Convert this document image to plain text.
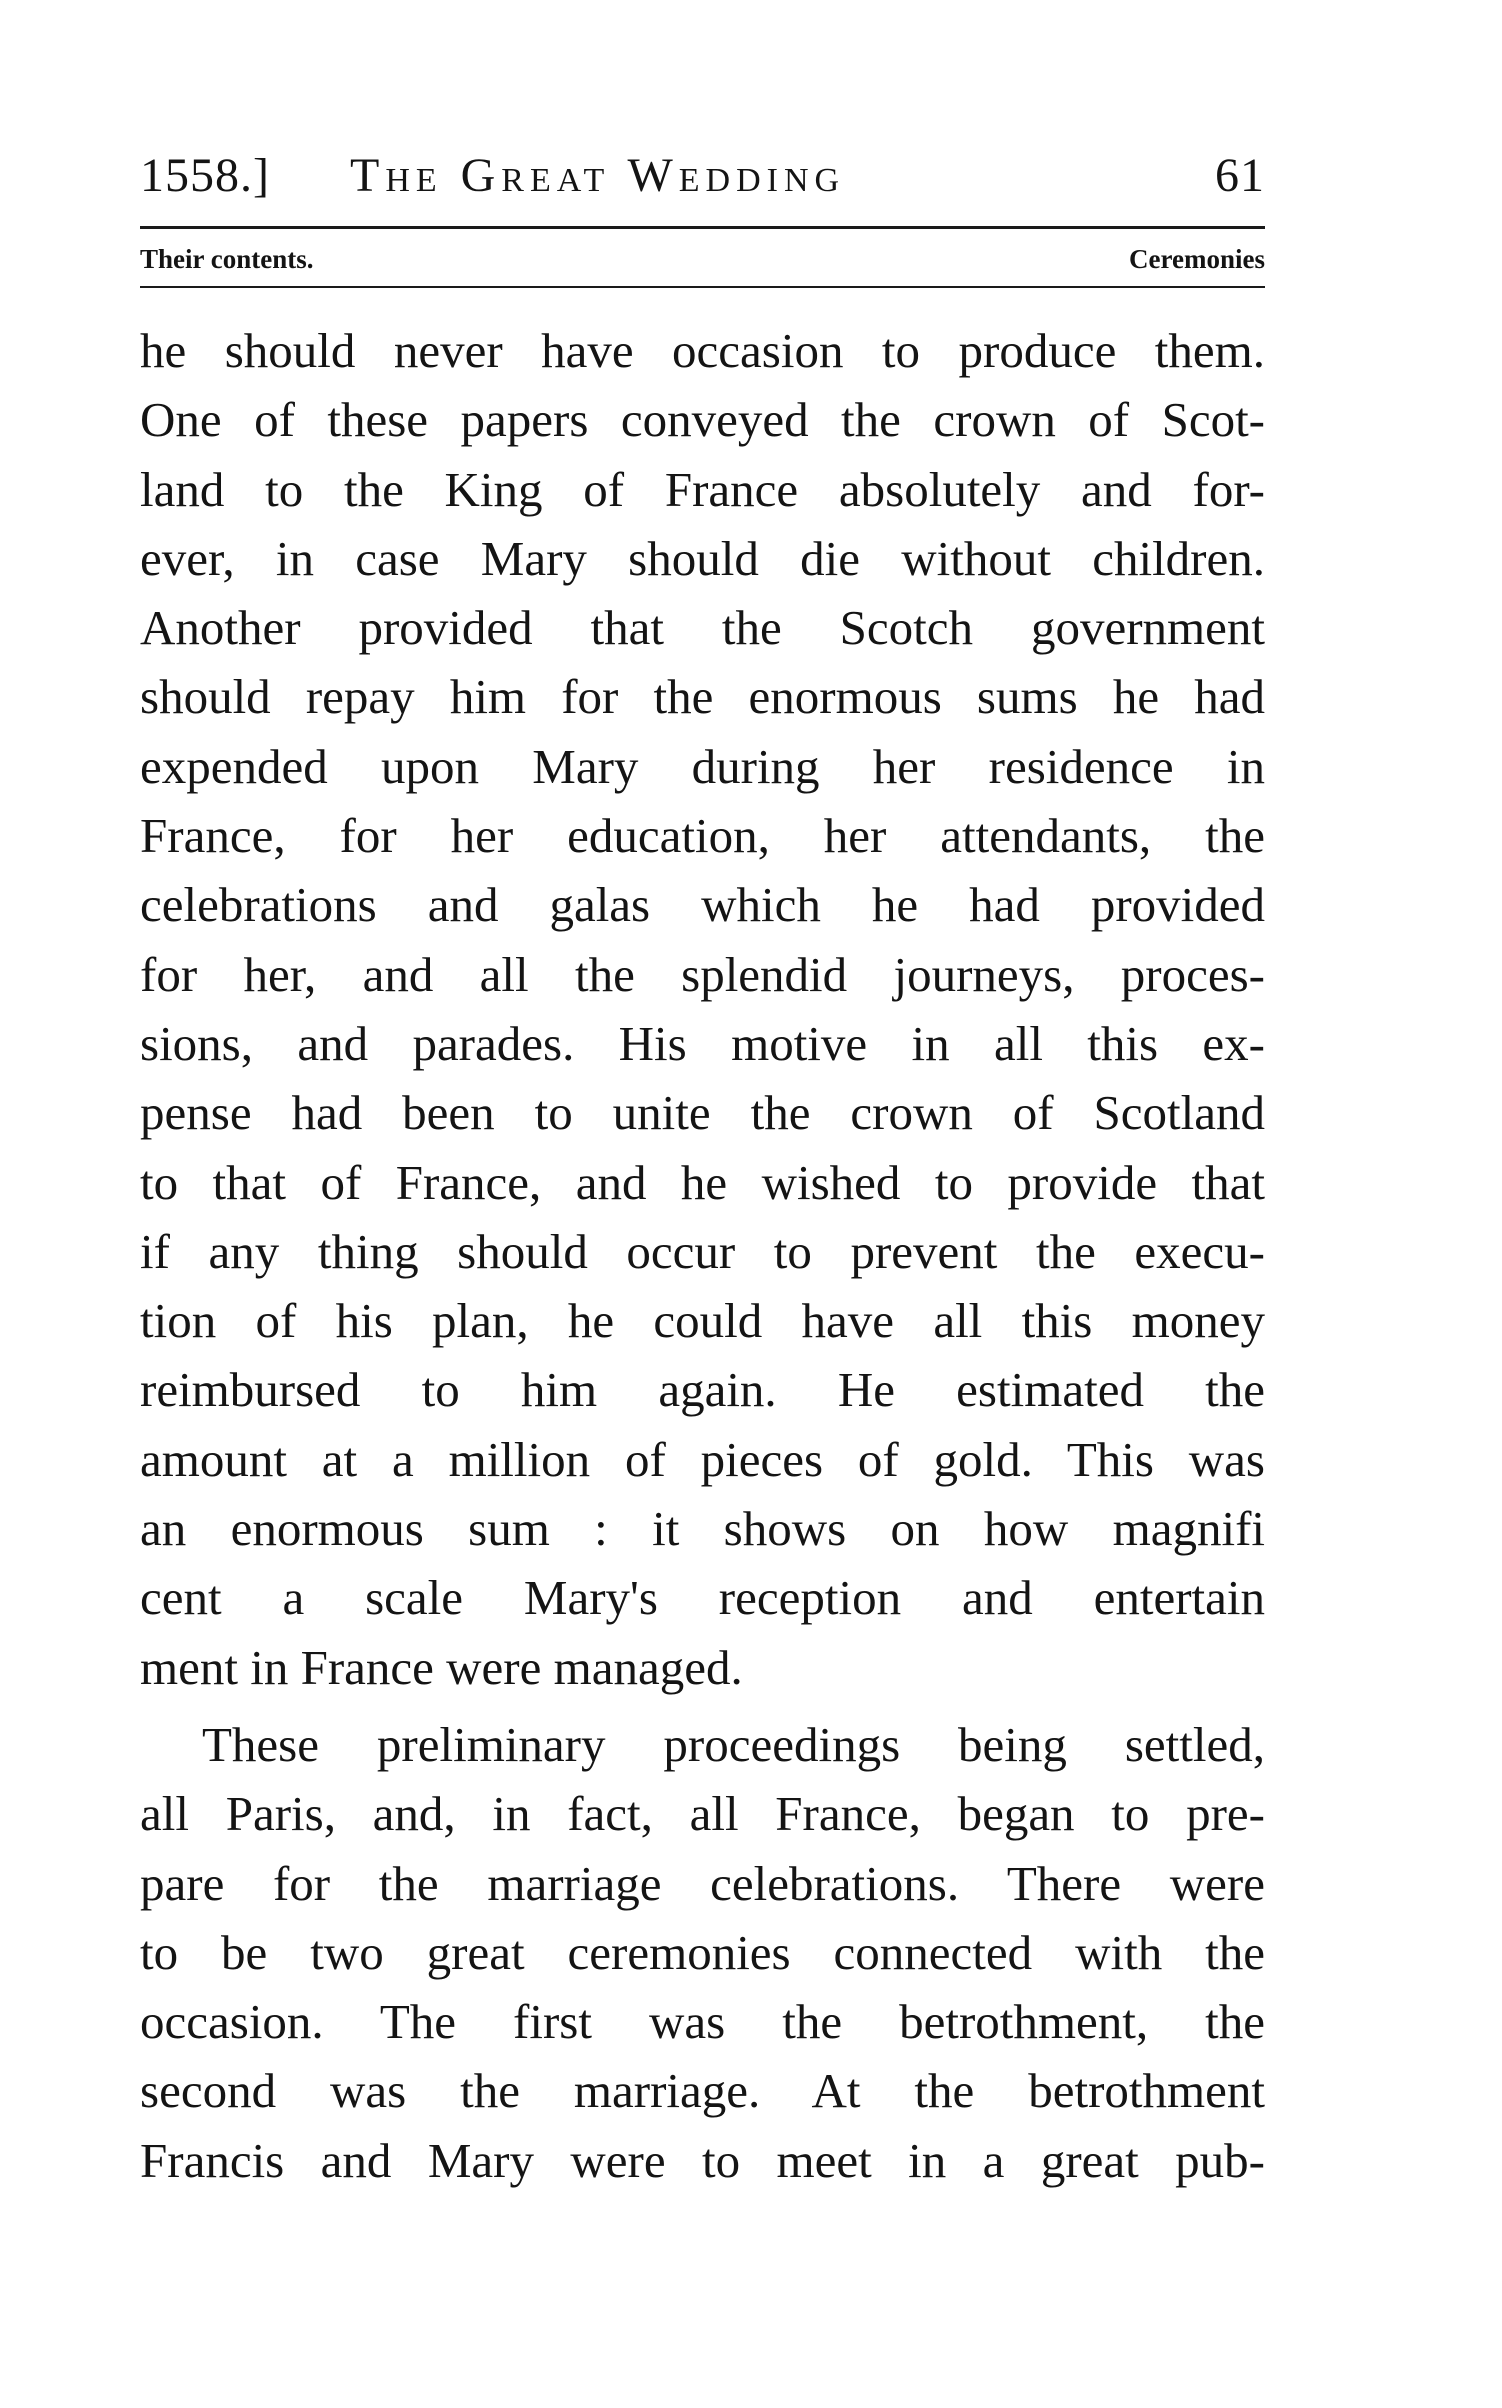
1558.] The Great Wedding	61
Their contents.	Ceremonies
he should never have occasion to produce them.
One of these papers conveyed the crown of Scot-
land to the King of France absolutely and for-
ever, in case Mary should die without children.
Another provided that the Scotch government
should repay him for the enormous sums he had
expended upon Mary during her residence in
France, for her education, her attendants, the
celebrations and galas which he had provided
for her, and all the splendid journeys, proces-
sions, and parades. His motive in all this ex-
pense had been to unite the crown of Scotland
to that of France, and he wished to provide that
if any thing should occur to prevent the execu-
tion of his plan, he could have all this money
reimbursed to him again. He estimated the
amount at a million of pieces of gold. This was
an enormous sum : it shows on how magnifi
cent a scale Mary's reception and entertain
ment in France were managed.
These preliminary proceedings being settled,
all Paris, and, in fact, all France, began to pre-
pare for the marriage celebrations. There were
to be two great ceremonies connected with the
occasion. The first was the betrothment, the
second was the marriage. At the betrothment
Francis and Mary were to meet in a great pub-
